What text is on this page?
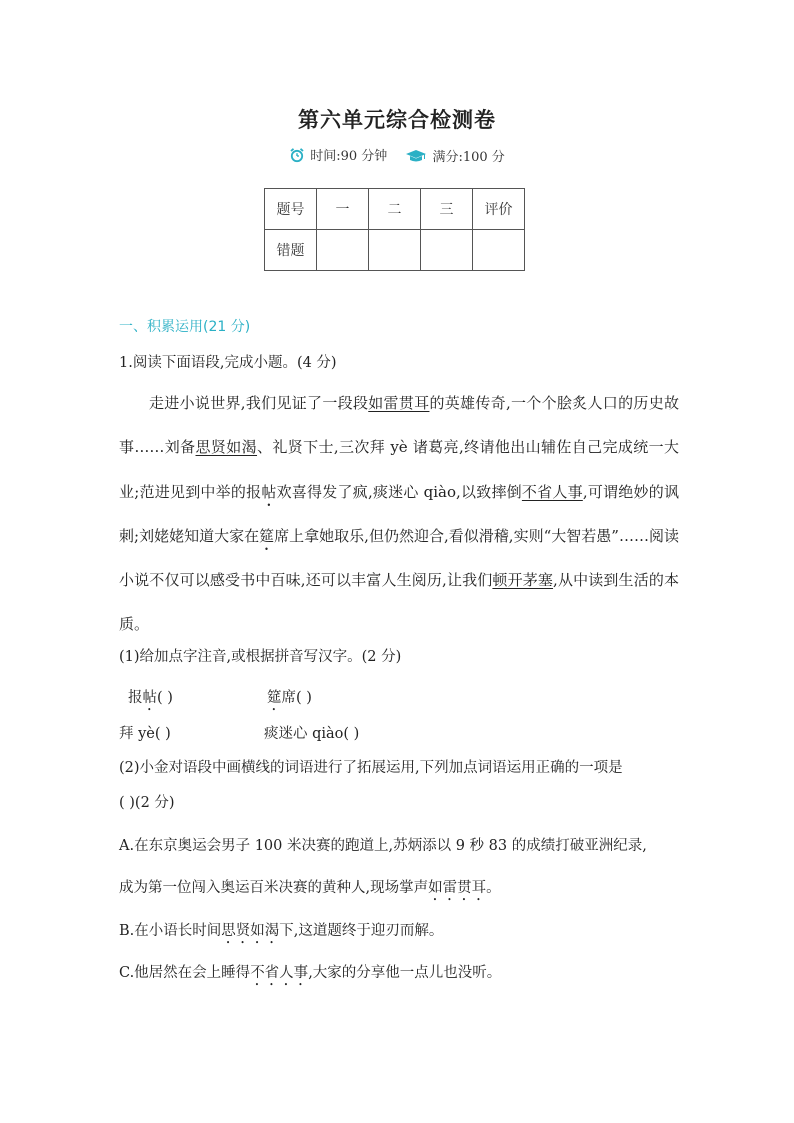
第六单元综合检测卷
时间:90 分钟
	满分:100 分
题号	一	二	三	评价
错题				
一、积累运用(21 分)
1.阅读下面语段,完成小题。(4 分)
走进小说世界,我们见证了一段段如雷贯耳的英雄传奇,一个个脍炙人口的历史故事……刘备思贤如渴、礼贤下士,三次拜 yè 诸葛亮,终请他出山辅佐自己完成统一大业;范进见到中举的报帖欢喜得发了疯,痰迷心 qiào,以致摔倒不省人事,可谓绝妙的讽刺;刘姥姥知道大家在筵席上拿她取乐,但仍然迎合,看似滑稽,实则“大智若愚”……阅读小说不仅可以感受书中百味,还可以丰富人生阅历,让我们顿开茅塞,从中读到生活的本质。
(1)给加点字注音,或根据拼音写汉字。(2 分)
报帖( )	筵席( )
拜 yè( )	痰迷心 qiào( )
(2)小金对语段中画横线的词语进行了拓展运用,下列加点词语运用正确的一项是
( )(2 分)
A.在东京奥运会男子 100 米决赛的跑道上,苏炳添以 9 秒 83 的成绩打破亚洲纪录,
成为第一位闯入奥运百米决赛的黄种人,现场掌声如雷贯耳。
B.在小语长时间思贤如渴下,这道题终于迎刃而解。
C.他居然在会上睡得不省人事,大家的分享他一点儿也没听。
